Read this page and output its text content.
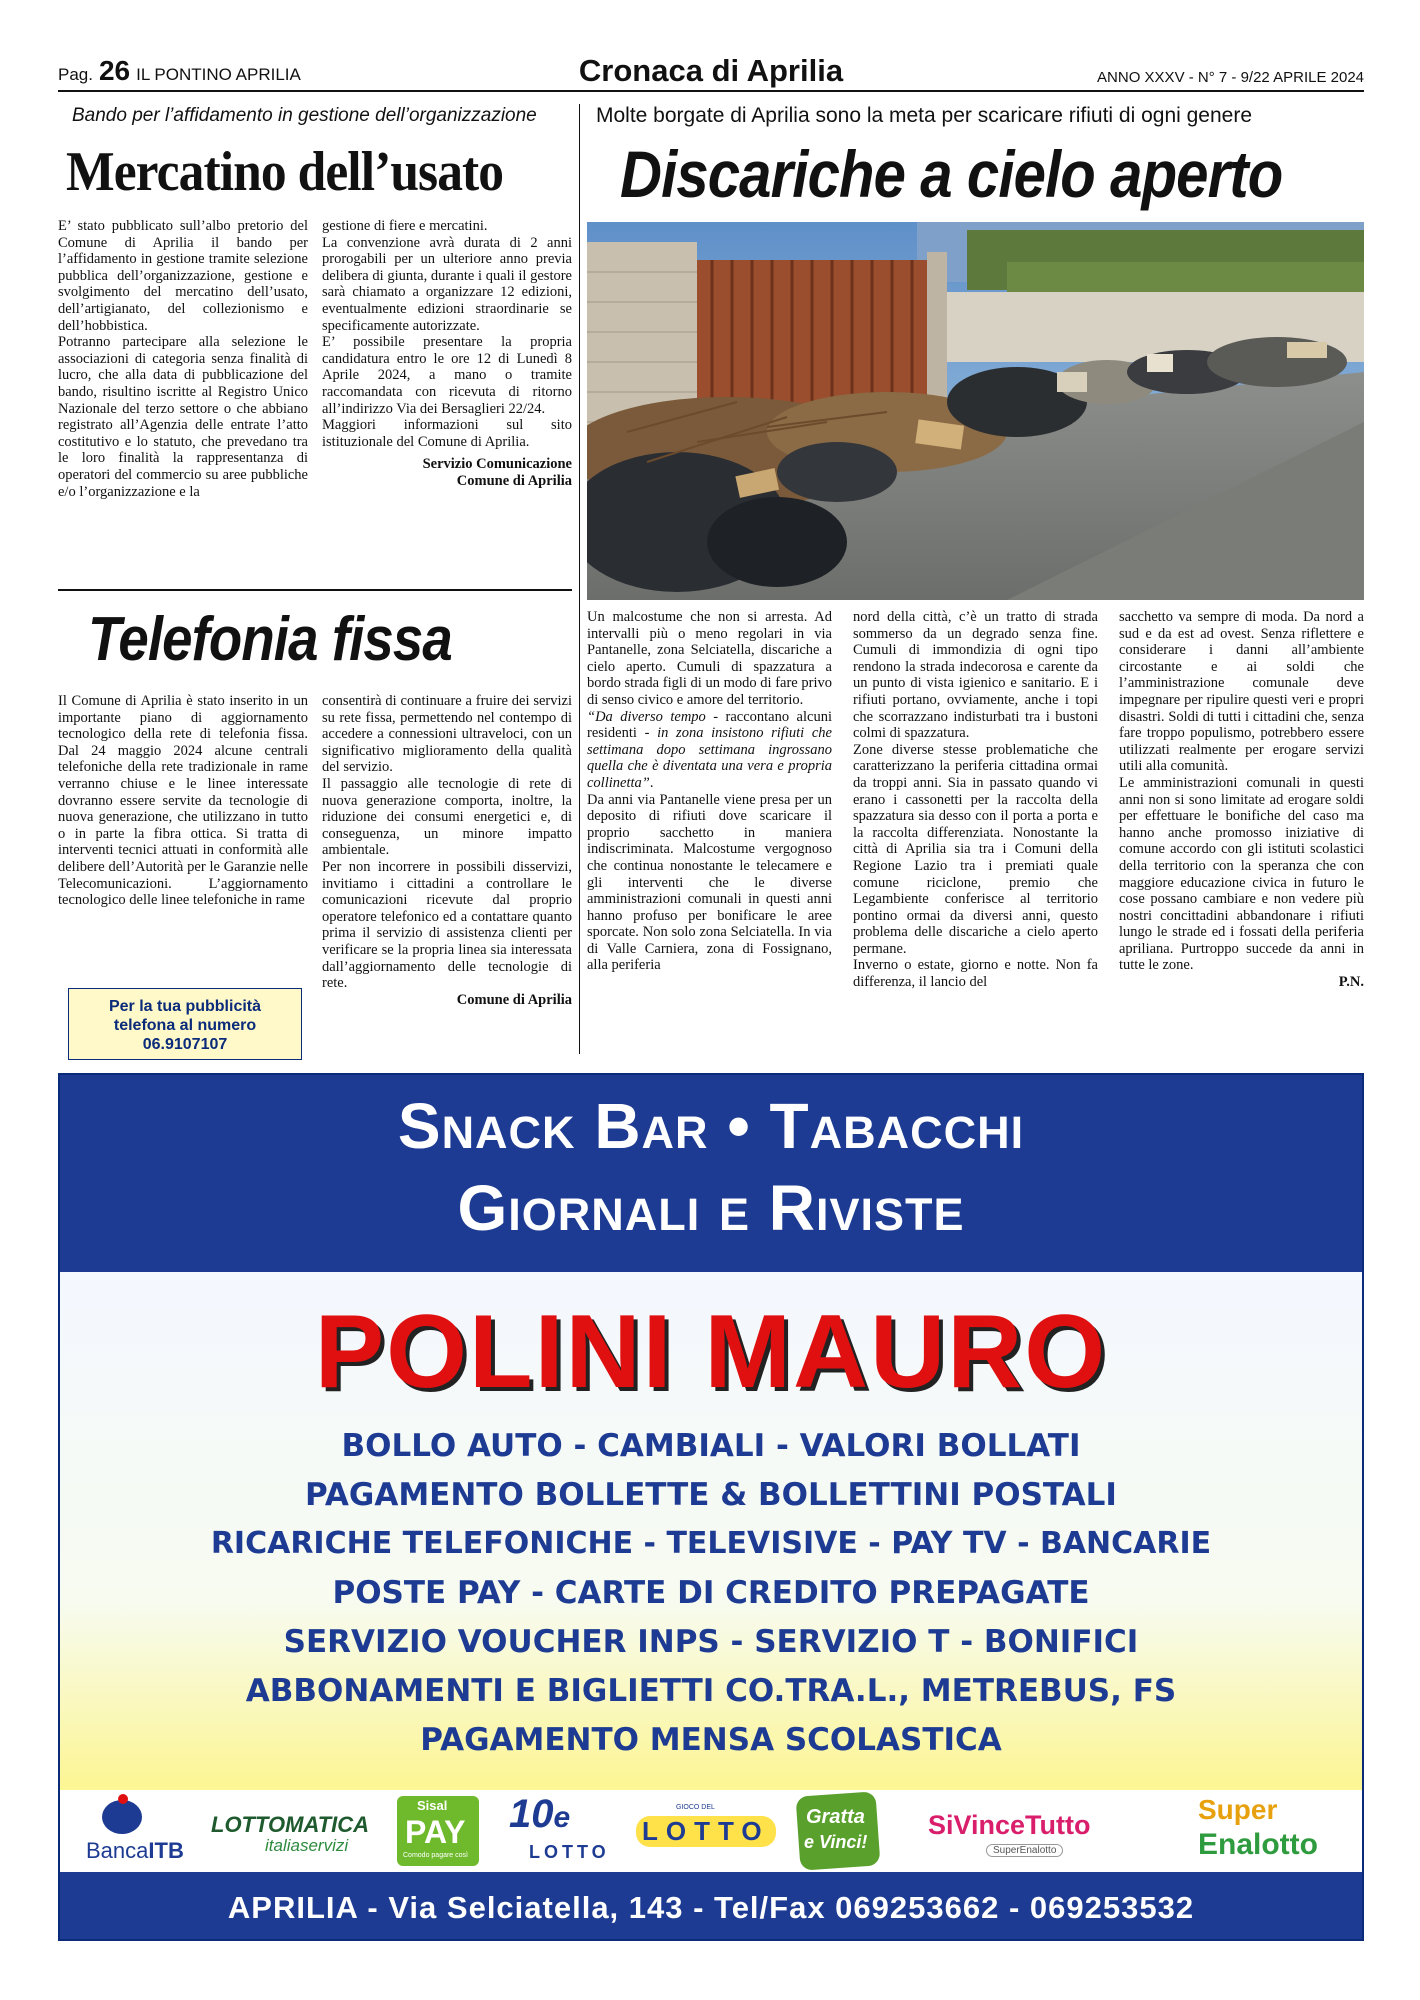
Pag. 26 IL PONTINO APRILIA	Cronaca di Aprilia	ANNO XXXV - N° 7 - 9/22 APRILE 2024
Bando per l’affidamento in gestione dell’organizzazione
Mercatino dell’usato

E’ stato pubblicato sull’albo pretorio del Comune di Aprilia il bando per l’affidamento in gestione tramite selezione pubblica dell’organizzazione, gestione e svolgimento del mercatino dell’usato, dell’artigianato, del collezionismo e dell’hobbistica.

Potranno partecipare alla selezione le associazioni di categoria senza finalità di lucro, che alla data di pubblicazione del bando, risultino iscritte al Registro Unico Nazionale del terzo settore o che abbiano registrato all’Agenzia delle entrate l’atto costitutivo e lo statuto, che prevedano tra le loro finalità la rappresentanza di operatori del commercio su aree pubbliche e/o l’organizzazione e la

gestione di fiere e mercatini.

La convenzione avrà durata di 2 anni prorogabili per un ulteriore anno previa delibera di giunta, durante i quali il gestore sarà chiamato a organizzare 12 edizioni, eventualmente edizioni straordinarie se specificamente autorizzate.

E’ possibile presentare la propria candidatura entro le ore 12 di Lunedì 8 Aprile 2024, a mano o tramite raccomandata con ricevuta di ritorno all’indirizzo Via dei Bersaglieri 22/24.

Maggiori informazioni sul sito istituzionale del Comune di Aprilia.

Servizio Comunicazione

Comune di Aprilia

Telefonia fissa

Il Comune di Aprilia è stato inserito in un importante piano di aggiornamento tecnologico della rete di telefonia fissa. Dal 24 maggio 2024 alcune centrali telefoniche della rete tradizionale in rame verranno chiuse e le linee interessate dovranno essere servite da tecnologie di nuova generazione, che utilizzano in tutto o in parte la fibra ottica. Si tratta di interventi tecnici attuati in conformità alle delibere dell’Autorità per le Garanzie nelle Telecomunicazioni. L’aggiornamento tecnologico delle linee telefoniche in rame

consentirà di continuare a fruire dei servizi su rete fissa, permettendo nel contempo di accedere a connessioni ultraveloci, con un significativo miglioramento della qualità del servizio.

Il passaggio alle tecnologie di rete di nuova generazione comporta, inoltre, la riduzione dei consumi energetici e, di conseguenza, un minore impatto ambientale.

Per non incorrere in possibili disservizi, invitiamo i cittadini a controllare le comunicazioni ricevute dal proprio operatore telefonico ed a contattare quanto prima il servizio di assistenza clienti per verificare se la propria linea sia interessata dall’aggiornamento delle tecnologie di rete.

Comune di Aprilia

Per la tua pubblicità
telefona al numero
06.9107107
Molte borgate di Aprilia sono la meta per scaricare rifiuti di ogni genere
Discariche a cielo aperto

Un malcostume che non si arresta. Ad intervalli più o meno regolari in via Pantanelle, zona Selciatella, discariche a cielo aperto. Cumuli di spazzatura a bordo strada figli di un modo di fare privo di senso civico e amore del territorio.

“Da diverso tempo - raccontano alcuni residenti - in zona insistono rifiuti che settimana dopo settimana ingrossano quella che è diventata una vera e propria collinetta”.

Da anni via Pantanelle viene presa per un deposito di rifiuti dove scaricare il proprio sacchetto in maniera indiscriminata. Malcostume vergognoso che continua nonostante le telecamere e gli interventi che le diverse amministrazioni comunali in questi anni hanno profuso per bonificare le aree sporcate. Non solo zona Selciatella. In via di Valle Carniera, zona di Fossignano, alla periferia

nord della città, c’è un tratto di strada sommerso da un degrado senza fine. Cumuli di immondizia di ogni tipo rendono la strada indecorosa e carente da un punto di vista igienico e sanitario. E i rifiuti portano, ovviamente, anche i topi che scorrazzano indisturbati tra i bustoni colmi di spazzatura.

Zone diverse stesse problematiche che caratterizzano la periferia cittadina ormai da troppi anni. Sia in passato quando vi erano i cassonetti per la raccolta della spazzatura sia desso con il porta a porta e la raccolta differenziata. Nonostante la città di Aprilia sia tra i Comuni della Regione Lazio tra i premiati quale comune riciclone, premio che Legambiente conferisce al territorio pontino ormai da diversi anni, questo problema delle discariche a cielo aperto permane.

Inverno o estate, giorno e notte. Non fa differenza, il lancio del

sacchetto va sempre di moda. Da nord a sud e da est ad ovest. Senza riflettere e considerare i danni all’ambiente circostante e ai soldi che l’amministrazione comunale deve impegnare per ripulire questi veri e propri disastri. Soldi di tutti i cittadini che, senza fare troppo populismo, potrebbero essere utilizzati realmente per erogare servizi utili alla comunità.

Le amministrazioni comunali in questi anni non si sono limitate ad erogare soldi per effettuare le bonifiche del caso ma hanno anche promosso iniziative di comune accordo con gli istituti scolastici della territorio con la speranza che con maggiore educazione civica in futuro le cose possano cambiare e non vedere più nostri concittadini abbandonare i rifiuti lungo le strade ed i fossati della periferia apriliana. Purtroppo succede da anni in tutte le zone.

P.N.

Snack Bar • Tabacchi
Giornali e Riviste
POLINI MAURO
BOLLO AUTO - CAMBIALI - VALORI BOLLATI
PAGAMENTO BOLLETTE & BOLLETTINI POSTALI
RICARICHE TELEFONICHE - TELEVISIVE - PAY TV - BANCARIE
POSTE PAY - CARTE DI CREDITO PREPAGATE
SERVIZIO VOUCHER INPS - SERVIZIO T - BONIFICI
ABBONAMENTI E BIGLIETTI CO.TRA.L., METREBUS, FS
PAGAMENTO MENSA SCOLASTICA
BancaITB
LOTTOMATICA
italiaservizi
Sisal
PAY
Comodo pagare così
10e
LOTTO
GIOCO DEL
LOTTO	Gratta
e Vinci!
SiVinceTutto
SuperEnalotto
Super
Enalotto
APRILIA - Via Selciatella, 143 - Tel/Fax 069253662 - 069253532
